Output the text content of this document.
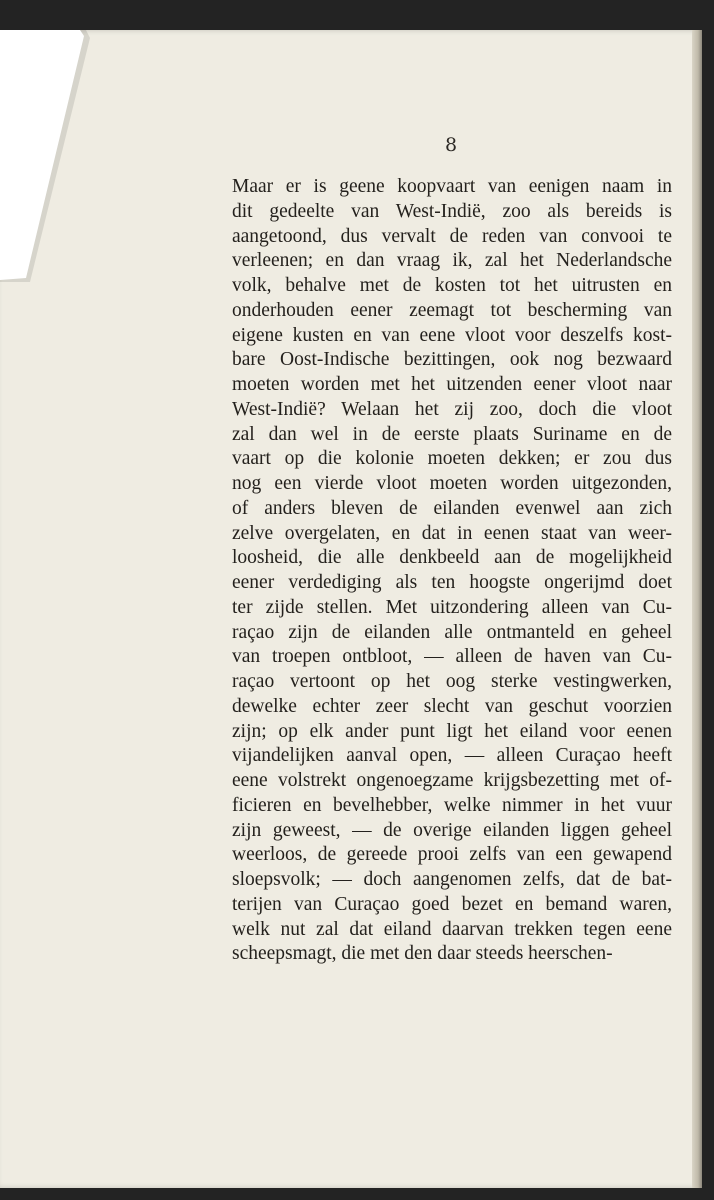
8
Maar er is geene koopvaart van eenigen naam in
dit gedeelte van West-Indië, zoo als bereids is
aangetoond, dus vervalt de reden van convooi te
verleenen; en dan vraag ik, zal het Nederlandsche
volk, behalve met de kosten tot het uitrusten en
onderhouden eener zeemagt tot bescherming van
eigene kusten en van eene vloot voor deszelfs kost-
bare Oost-Indische bezittingen, ook nog bezwaard
moeten worden met het uitzenden eener vloot naar
West-Indië? Welaan het zij zoo, doch die vloot
zal dan wel in de eerste plaats Suriname en de
vaart op die kolonie moeten dekken; er zou dus
nog een vierde vloot moeten worden uitgezonden,
of anders bleven de eilanden evenwel aan zich
zelve overgelaten, en dat in eenen staat van weer-
loosheid, die alle denkbeeld aan de mogelijkheid
eener verdediging als ten hoogste ongerijmd doet
ter zijde stellen. Met uitzondering alleen van Cu-
raçao zijn de eilanden alle ontmanteld en geheel
van troepen ontbloot, — alleen de haven van Cu-
raçao vertoont op het oog sterke vestingwerken,
dewelke echter zeer slecht van geschut voorzien
zijn; op elk ander punt ligt het eiland voor eenen
vijandelijken aanval open, — alleen Curaçao heeft
eene volstrekt ongenoegzame krijgsbezetting met of-
ficieren en bevelhebber, welke nimmer in het vuur
zijn geweest, — de overige eilanden liggen geheel
weerloos, de gereede prooi zelfs van een gewapend
sloepsvolk; — doch aangenomen zelfs, dat de bat-
terijen van Curaçao goed bezet en bemand waren,
welk nut zal dat eiland daarvan trekken tegen eene
scheepsmagt, die met den daar steeds heerschen-
